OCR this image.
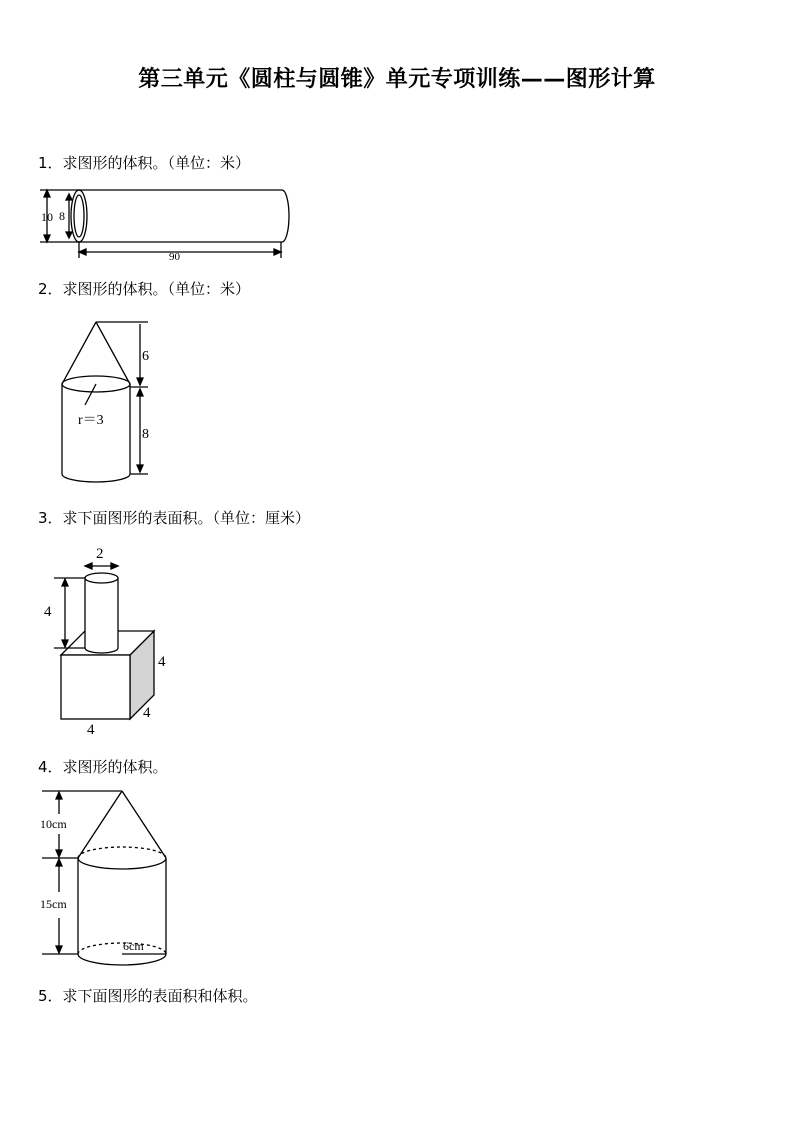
第三单元《圆柱与圆锥》单元专项训练——图形计算
1．求图形的体积。（单位：米）
10 8
90
2．求图形的体积。（单位：米）
6
r＝3
8
3．求下面图形的表面积。（单位：厘米）
2
4
4
4
4
4．求图形的体积。
10cm
15cm
6cm
5．求下面图形的表面积和体积。
